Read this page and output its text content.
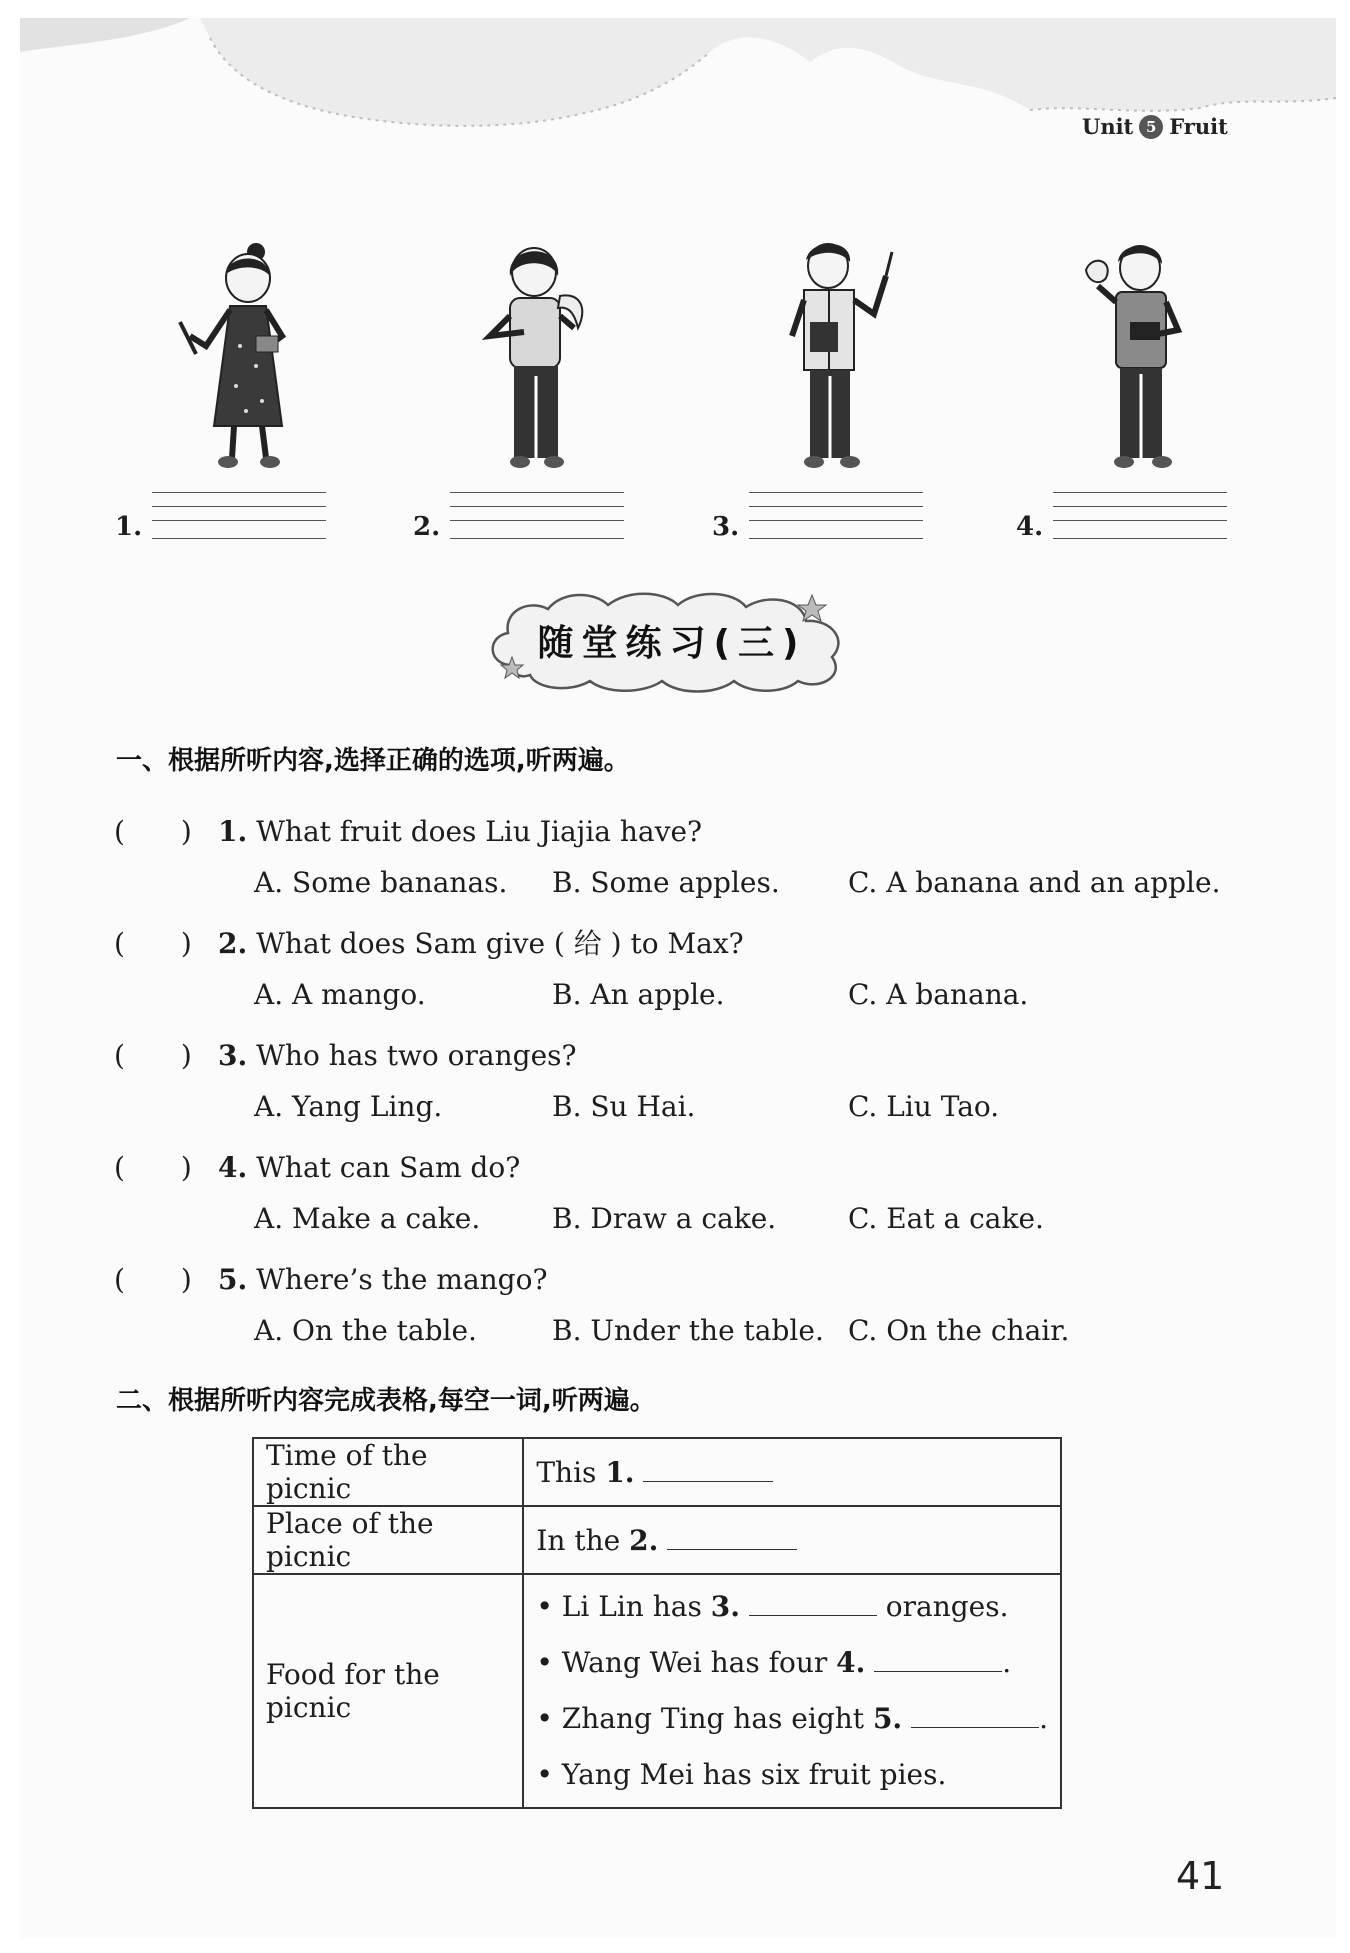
Unit 5 Fruit
1.	2.	3.	4.
随堂练习(三)
一、根据所听内容,选择正确的选项,听两遍。
(　　) 1. What fruit does Liu Jiajia have?
A. Some bananas. B. Some apples. C. A banana and an apple.
(　　) 2. What does Sam give ( 给 ) to Max?
A. A mango.	B. An apple.	C. A banana.
(　　) 3. Who has two oranges?
A. Yang Ling.	B. Su Hai.	C. Liu Tao.
(　　) 4. What can Sam do?
A. Make a cake.	B. Draw a cake.	C. Eat a cake.
(　　) 5. Where’s the mango?
A. On the table.	B. Under the table. C. On the chair.
二、根据所听内容完成表格,每空一词,听两遍。
Time of the picnic	This 1.
Place of the picnic	In the 2.
Food for the picnic	• Li Lin has 3. oranges.
• Wang Wei has four 4. .
• Zhang Ting has eight 5. .
• Yang Mei has six fruit pies.
41
